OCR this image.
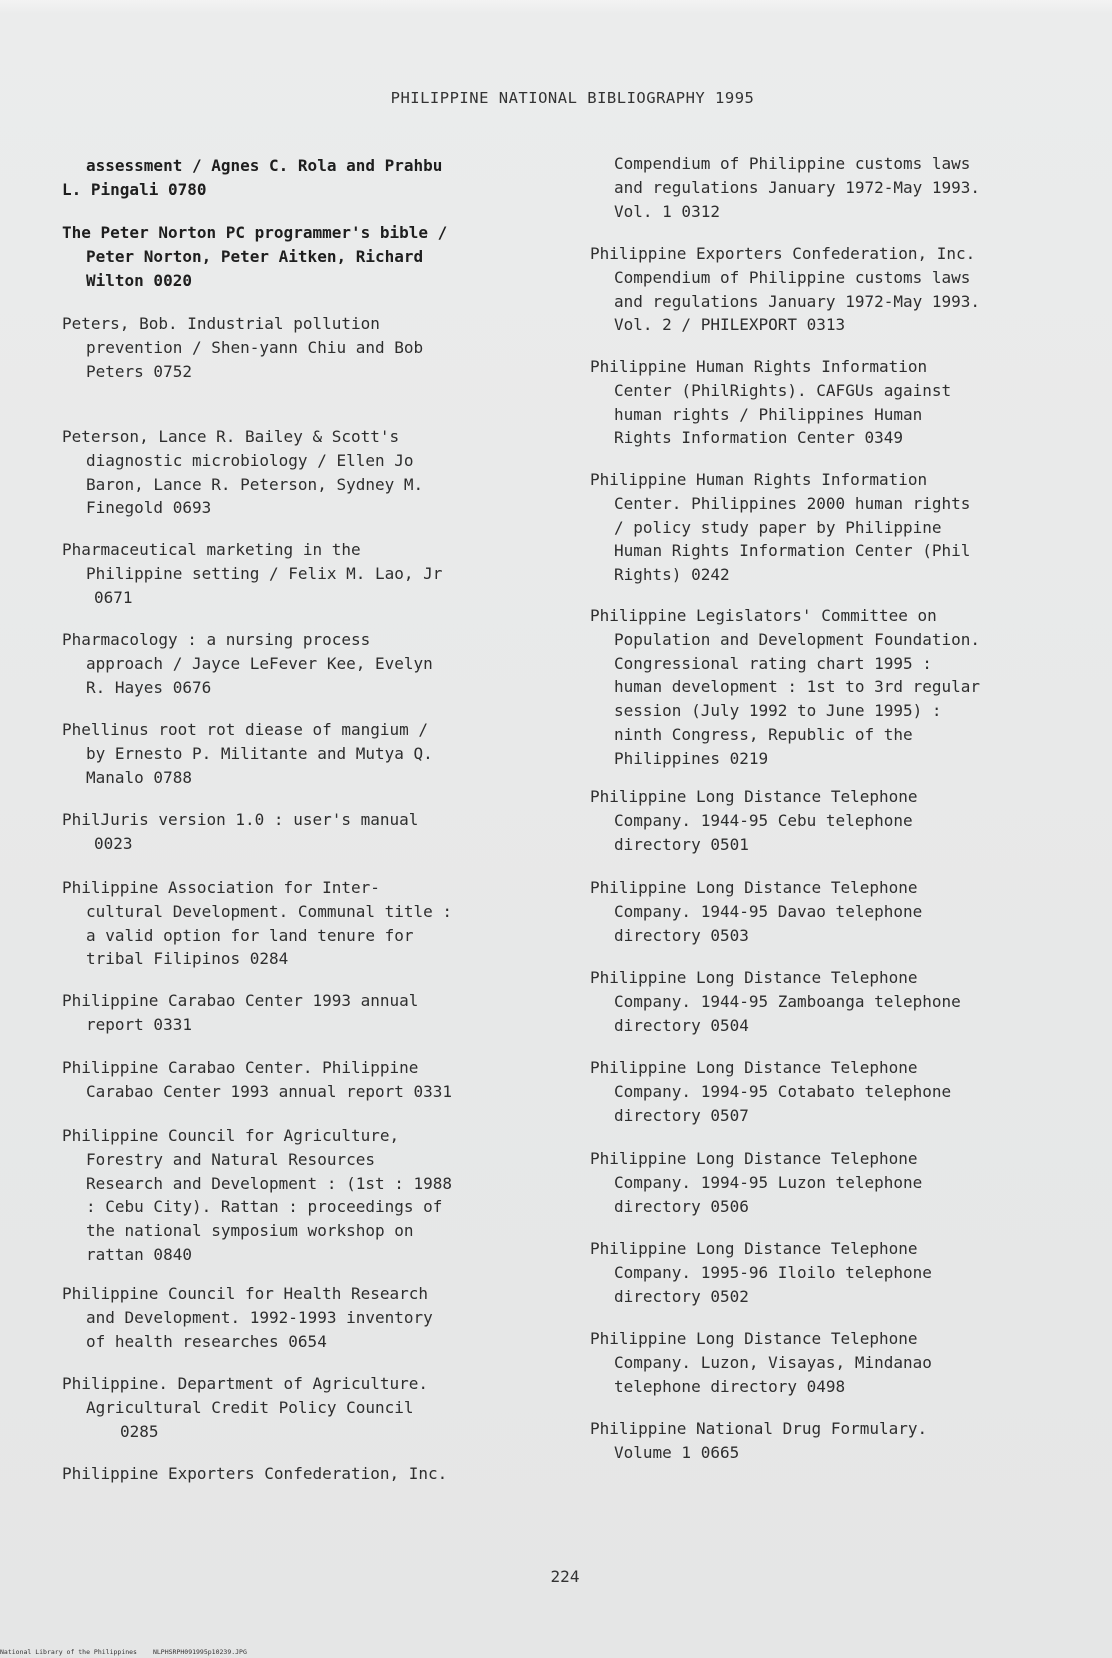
PHILIPPINE NATIONAL BIBLIOGRAPHY 1995
assessment / Agnes C. Rola and Prahbu
L. Pingali 0780
The Peter Norton PC programmer's bible /
Peter Norton, Peter Aitken, Richard
Wilton 0020
Peters, Bob. Industrial pollution
prevention / Shen-yann Chiu and Bob
Peters 0752
Peterson, Lance R. Bailey & Scott's
diagnostic microbiology / Ellen Jo
Baron, Lance R. Peterson, Sydney M.
Finegold 0693
Pharmaceutical marketing in the
Philippine setting / Felix M. Lao, Jr
0671
Pharmacology : a nursing process
approach / Jayce LeFever Kee, Evelyn
R. Hayes 0676
Phellinus root rot diease of mangium /
by Ernesto P. Militante and Mutya Q.
Manalo 0788
PhilJuris version 1.0 : user's manual
0023
Philippine Association for Inter-
cultural Development. Communal title :
a valid option for land tenure for
tribal Filipinos 0284
Philippine Carabao Center 1993 annual
report 0331
Philippine Carabao Center. Philippine
Carabao Center 1993 annual report 0331
Philippine Council for Agriculture,
Forestry and Natural Resources
Research and Development : (1st : 1988
: Cebu City). Rattan : proceedings of
the national symposium workshop on
rattan 0840
Philippine Council for Health Research
and Development. 1992-1993 inventory
of health researches 0654
Philippine. Department of Agriculture.
Agricultural Credit Policy Council
0285
Philippine Exporters Confederation, Inc.
Compendium of Philippine customs laws
and regulations January 1972-May 1993.
Vol. 1 0312
Philippine Exporters Confederation, Inc.
Compendium of Philippine customs laws
and regulations January 1972-May 1993.
Vol. 2 / PHILEXPORT 0313
Philippine Human Rights Information
Center (PhilRights). CAFGUs against
human rights / Philippines Human
Rights Information Center 0349
Philippine Human Rights Information
Center. Philippines 2000 human rights
/ policy study paper by Philippine
Human Rights Information Center (Phil
Rights) 0242
Philippine Legislators' Committee on
Population and Development Foundation.
Congressional rating chart 1995 :
human development : 1st to 3rd regular
session (July 1992 to June 1995) :
ninth Congress, Republic of the
Philippines 0219
Philippine Long Distance Telephone
Company. 1944-95 Cebu telephone
directory 0501
Philippine Long Distance Telephone
Company. 1944-95 Davao telephone
directory 0503
Philippine Long Distance Telephone
Company. 1944-95 Zamboanga telephone
directory 0504
Philippine Long Distance Telephone
Company. 1994-95 Cotabato telephone
directory 0507
Philippine Long Distance Telephone
Company. 1994-95 Luzon telephone
directory 0506
Philippine Long Distance Telephone
Company. 1995-96 Iloilo telephone
directory 0502
Philippine Long Distance Telephone
Company. Luzon, Visayas, Mindanao
telephone directory 0498
Philippine National Drug Formulary.
Volume 1 0665
224
National Library of the Philippines NLPHSRPH091995p10239.JPG
